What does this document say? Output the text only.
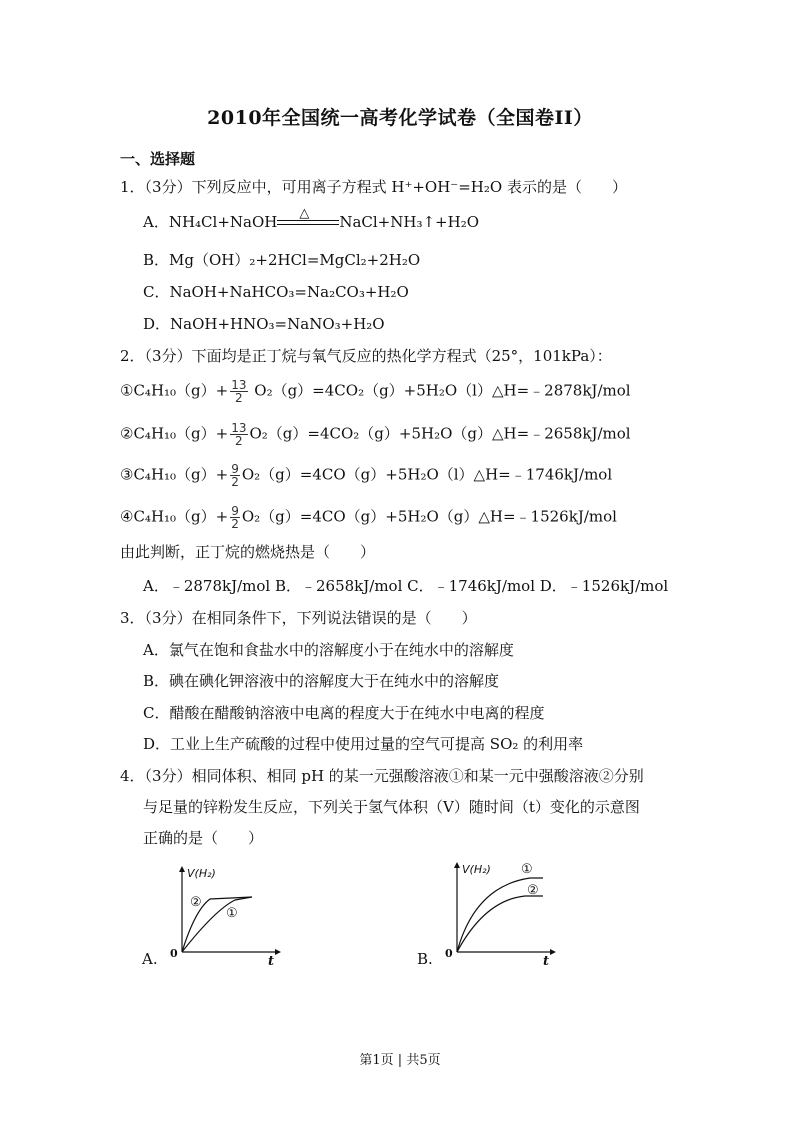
2010年全国统一高考化学试卷（全国卷II）
一、选择题
1．（3分）下列反应中，可用离子方程式 H⁺+OH⁻=H₂O 表示的是（　　）
A．NH₄Cl+NaOH △ NaCl+NH₃↑+H₂O
B．Mg（OH）₂+2HCl=MgCl₂+2H₂O
C．NaOH+NaHCO₃=Na₂CO₃+H₂O
D．NaOH+HNO₃=NaNO₃+H₂O
2．（3分）下面均是正丁烷与氧气反应的热化学方程式（25°，101kPa）：
①C₄H₁₀（g）+ $\frac{13}{2}$ O₂（g）=4CO₂（g）+5H₂O（l）△H=﹣2878kJ/mol
②C₄H₁₀（g）+ $\frac{13}{2}$ O₂（g）=4CO₂（g）+5H₂O（g）△H=﹣2658kJ/mol
③C₄H₁₀（g）+ $\frac{9}{2}$ O₂（g）=4CO（g）+5H₂O（l）△H=﹣1746kJ/mol
④C₄H₁₀（g）+ $\frac{9}{2}$ O₂（g）=4CO（g）+5H₂O（g）△H=﹣1526kJ/mol
由此判断，正丁烷的燃烧热是（　　）
A．﹣2878kJ/mol B．﹣2658kJ/mol C．﹣1746kJ/mol D．﹣1526kJ/mol
3．（3分）在相同条件下，下列说法错误的是（　　）
A．氯气在饱和食盐水中的溶解度小于在纯水中的溶解度
B．碘在碘化钾溶液中的溶解度大于在纯水中的溶解度
C．醋酸在醋酸钠溶液中电离的程度大于在纯水中电离的程度
D．工业上生产硫酸的过程中使用过量的空气可提高 SO₂ 的利用率
4．（3分）相同体积、相同 pH 的某一元强酸溶液①和某一元中强酸溶液②分别
与足量的锌粉发生反应，下列关于氢气体积（V）随时间（t）变化的示意图
正确的是（　　）
A.
V(H₂)
t
0
②
①
B.
V(H₂)
t
0
①
②
第1页 | 共5页
